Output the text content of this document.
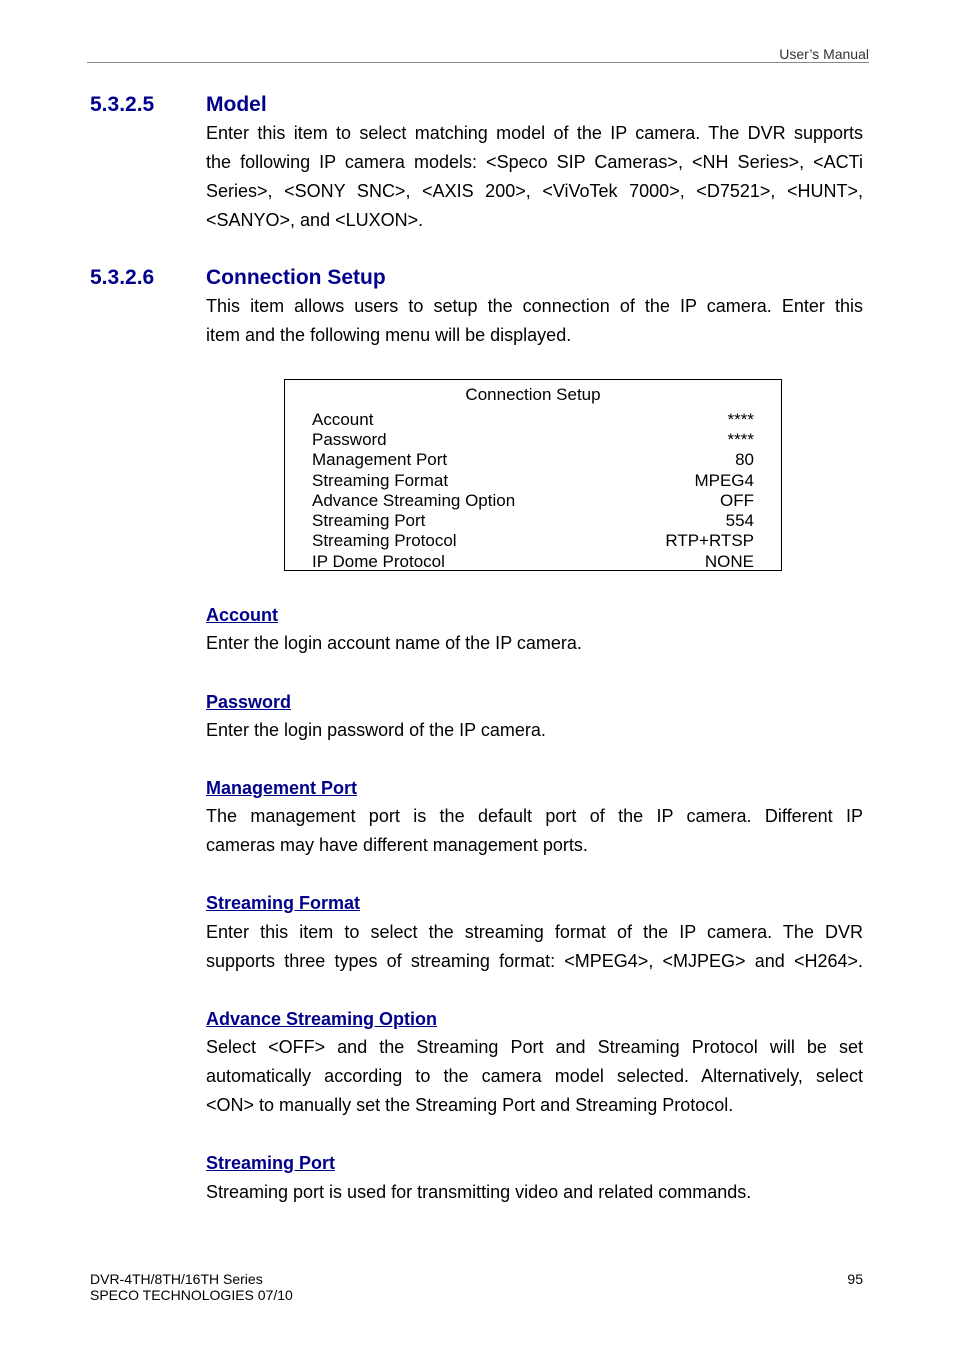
User’s Manual
5.3.2.5 Model
Enter this item to select matching model of the IP camera. The DVR supports
the following IP camera models: <Speco SIP Cameras>, <NH Series>, <ACTi
Series>, <SONY SNC>, <AXIS 200>, <ViVoTek 7000>, <D7521>, <HUNT>,
<SANYO>, and <LUXON>.
5.3.2.6 Connection Setup
This item allows users to setup the connection of the IP camera. Enter this
item and the following menu will be displayed.
Connection Setup
Account	****
Password	****
Management Port	80
Streaming Format	MPEG4
Advance Streaming Option	OFF
Streaming Port	554
Streaming Protocol	RTP+RTSP
IP Dome Protocol	NONE
Account
Enter the login account name of the IP camera.
Password
Enter the login password of the IP camera.
Management Port
The management port is the default port of the IP camera. Different IP
cameras may have different management ports.
Streaming Format
Enter this item to select the streaming format of the IP camera. The DVR
supports three types of streaming format: <MPEG4>, <MJPEG> and <H264>.
Advance Streaming Option
Select <OFF> and the Streaming Port and Streaming Protocol will be set
automatically according to the camera model selected. Alternatively, select
<ON> to manually set the Streaming Port and Streaming Protocol.
Streaming Port
Streaming port is used for transmitting video and related commands.
DVR-4TH/8TH/16TH Series
SPECO TECHNOLOGIES 07/10
95
